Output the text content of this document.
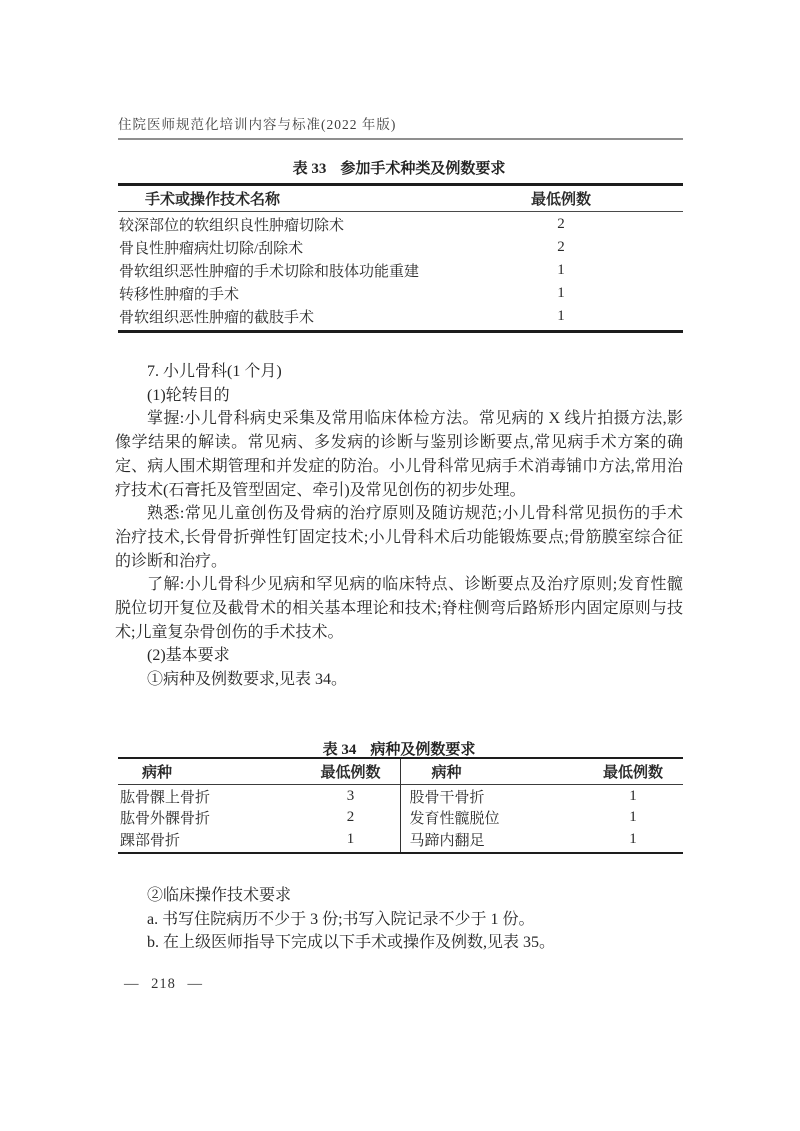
住院医师规范化培训内容与标准(2022 年版)
表 33 参加手术种类及例数要求
手术或操作技术名称	最低例数
较深部位的软组织良性肿瘤切除术	2
骨良性肿瘤病灶切除/刮除术	2
骨软组织恶性肿瘤的手术切除和肢体功能重建	1
转移性肿瘤的手术	1
骨软组织恶性肿瘤的截肢手术	1

7. 小儿骨科(1 个月)

(1)轮转目的

掌握:小儿骨科病史采集及常用临床体检方法。常见病的 X 线片拍摄方法,影像学结果的解读。常见病、多发病的诊断与鉴别诊断要点,常见病手术方案的确定、病人围术期管理和并发症的防治。小儿骨科常见病手术消毒铺巾方法,常用治疗技术(石膏托及管型固定、牵引)及常见创伤的初步处理。

熟悉:常见儿童创伤及骨病的治疗原则及随访规范;小儿骨科常见损伤的手术治疗技术,长骨骨折弹性钉固定技术;小儿骨科术后功能锻炼要点;骨筋膜室综合征的诊断和治疗。

了解:小儿骨科少见病和罕见病的临床特点、诊断要点及治疗原则;发育性髋脱位切开复位及截骨术的相关基本理论和技术;脊柱侧弯后路矫形内固定原则与技术;儿童复杂骨创伤的手术技术。

(2)基本要求

①病种及例数要求,见表 34。

表 34 病种及例数要求
病种	最低例数	病种	最低例数
肱骨髁上骨折	3	股骨干骨折	1
肱骨外髁骨折	2	发育性髋脱位	1
踝部骨折	1	马蹄内翻足	1

②临床操作技术要求

a. 书写住院病历不少于 3 份;书写入院记录不少于 1 份。

b. 在上级医师指导下完成以下手术或操作及例数,见表 35。

— 218 —
